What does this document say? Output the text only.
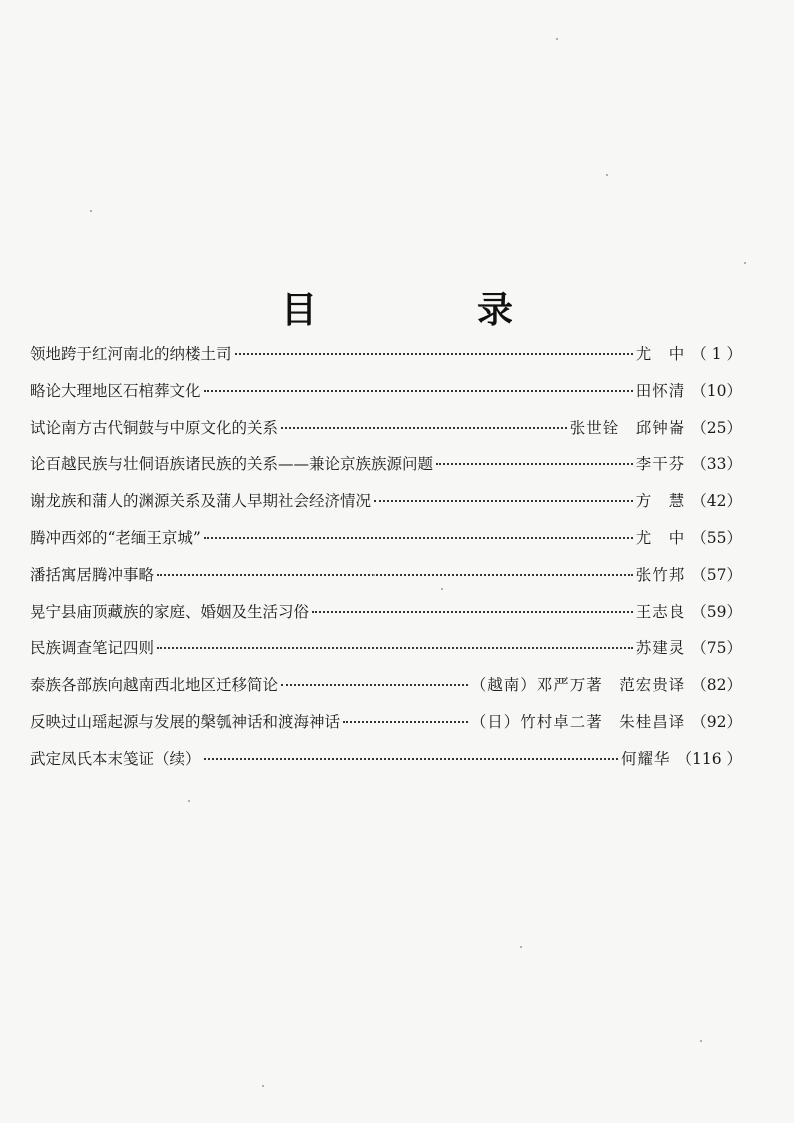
目　录
领地跨于红河南北的纳楼土司	尤　中 （ 1 ）
略论大理地区石棺葬文化	田怀清 （10）
试论南方古代铜鼓与中原文化的关系	张世铨　邱钟崙 （25）
论百越民族与壮侗语族诸民族的关系——兼论京族族源问题	李干芬 （33）
谢龙族和蒲人的渊源关系及蒲人早期社会经济情况	方　慧 （42）
腾冲西郊的“老缅王京城”	尤　中 （55）
潘括寓居腾冲事略	张竹邦 （57）
晃宁县庙顶藏族的家庭、婚姻及生活习俗	王志良 （59）
民族调查笔记四则	苏建灵 （75）
泰族各部族向越南西北地区迁移简论	（越南）邓严万著　范宏贵译 （82）
反映过山瑶起源与发展的槃瓠神话和渡海神话	（日）竹村卓二著　朱桂昌译 （92）
武定凤氏本末笺证（续）	何耀华 （116 ）
